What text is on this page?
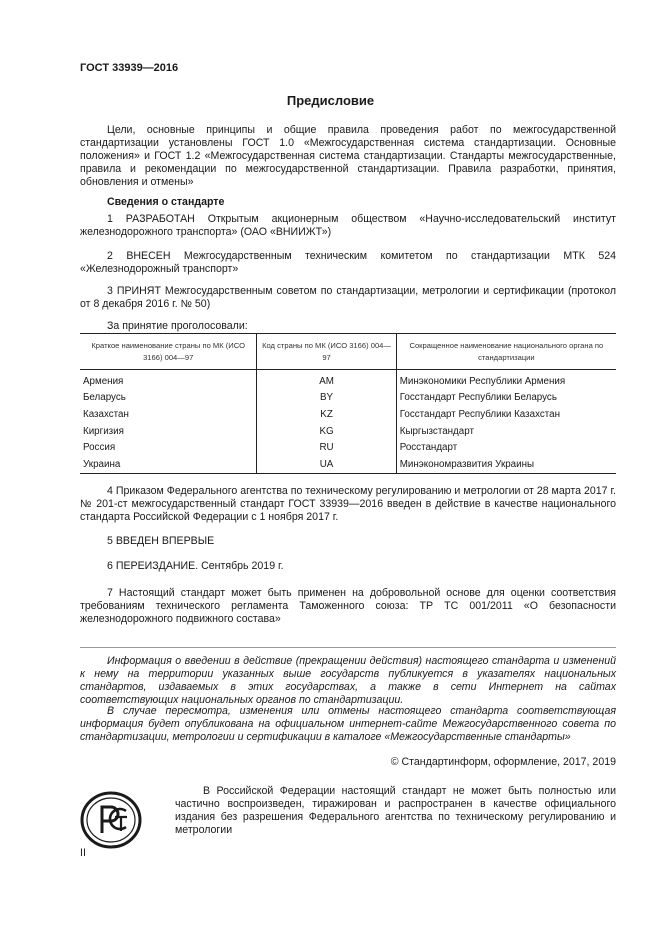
ГОСТ 33939—2016
Предисловие
Цели, основные принципы и общие правила проведения работ по межгосударственной стандартизации установлены ГОСТ 1.0 «Межгосударственная система стандартизации. Основные положения» и ГОСТ 1.2 «Межгосударственная система стандартизации. Стандарты межгосударственные, правила и рекомендации по межгосударственной стандартизации. Правила разработки, принятия, обновления и отмены»
Сведения о стандарте
1 РАЗРАБОТАН Открытым акционерным обществом «Научно-исследовательский институт железнодорожного транспорта» (ОАО «ВНИИЖТ»)
2 ВНЕСЕН Межгосударственным техническим комитетом по стандартизации МТК 524 «Железнодорожный транспорт»
3 ПРИНЯТ Межгосударственным советом по стандартизации, метрологии и сертификации (протокол от 8 декабря 2016 г. № 50)
За принятие проголосовали:
Краткое наименование страны по МК (ИСО 3166) 004—97	Код страны по МК (ИСО 3166) 004—97	Сокращенное наименование национального органа по стандартизации
Армения	AM	Минэкономики Республики Армения
Беларусь	BY	Госстандарт Республики Беларусь
Казахстан	KZ	Госстандарт Республики Казахстан
Киргизия	KG	Кыргызстандарт
Россия	RU	Росстандарт
Украина	UA	Минэкономразвития Украины
4 Приказом Федерального агентства по техническому регулированию и метрологии от 28 марта 2017 г. № 201-ст межгосударственный стандарт ГОСТ 33939—2016 введен в действие в качестве национального стандарта Российской Федерации с 1 ноября 2017 г.
5 ВВЕДЕН ВПЕРВЫЕ
6 ПЕРЕИЗДАНИЕ. Сентябрь 2019 г.
7 Настоящий стандарт может быть применен на добровольной основе для оценки соответствия требованиям технического регламента Таможенного союза: ТР ТС 001/2011 «О безопасности железнодорожного подвижного состава»
Информация о введении в действие (прекращении действия) настоящего стандарта и изменений к нему на территории указанных выше государств публикуется в указателях национальных стандартов, издаваемых в этих государствах, а также в сети Интернет на сайтах соответствующих национальных органов по стандартизации.
В случае пересмотра, изменения или отмены настоящего стандарта соответствующая информация будет опубликована на официальном интернет-сайте Межгосударственного совета по стандартизации, метрологии и сертификации в каталоге «Межгосударственные стандарты»
© Стандартинформ, оформление, 2017, 2019
В Российской Федерации настоящий стандарт не может быть полностью или частично воспроизведен, тиражирован и распространен в качестве официального издания без разрешения Федерального агентства по техническому регулированию и метрологии
II
